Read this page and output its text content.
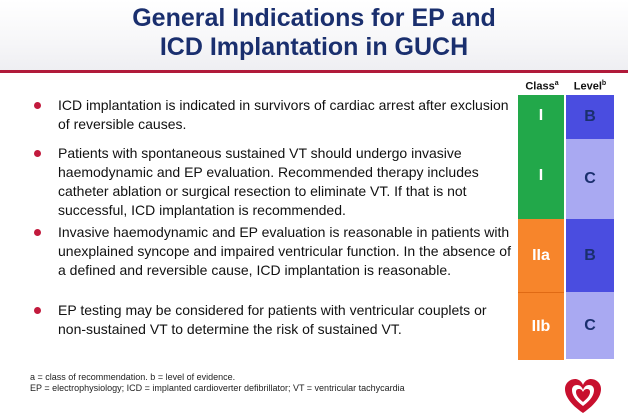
General Indications for EP and
ICD Implantation in GUCH
ICD implantation is indicated in survivors of cardiac arrest after exclusion of reversible causes.
Patients with spontaneous sustained VT should undergo invasive haemodynamic and EP evaluation. Recommended therapy includes catheter ablation or surgical resection to eliminate VT. If that is not successful, ICD implantation is recommended.
Invasive haemodynamic and EP evaluation is reasonable in patients with unexplained syncope and impaired ventricular function. In the absence of a defined and reversible cause, ICD implantation is reasonable.
EP testing may be considered for patients with ventricular couplets or non-sustained VT to determine the risk of sustained VT.
Class$^a$	Level$^b$
I
I
IIa
IIb
B
C
B
C
a = class of recommendation. b = level of evidence.
EP = electrophysiology; ICD = implanted cardioverter defibrillator; VT = ventricular tachycardia
